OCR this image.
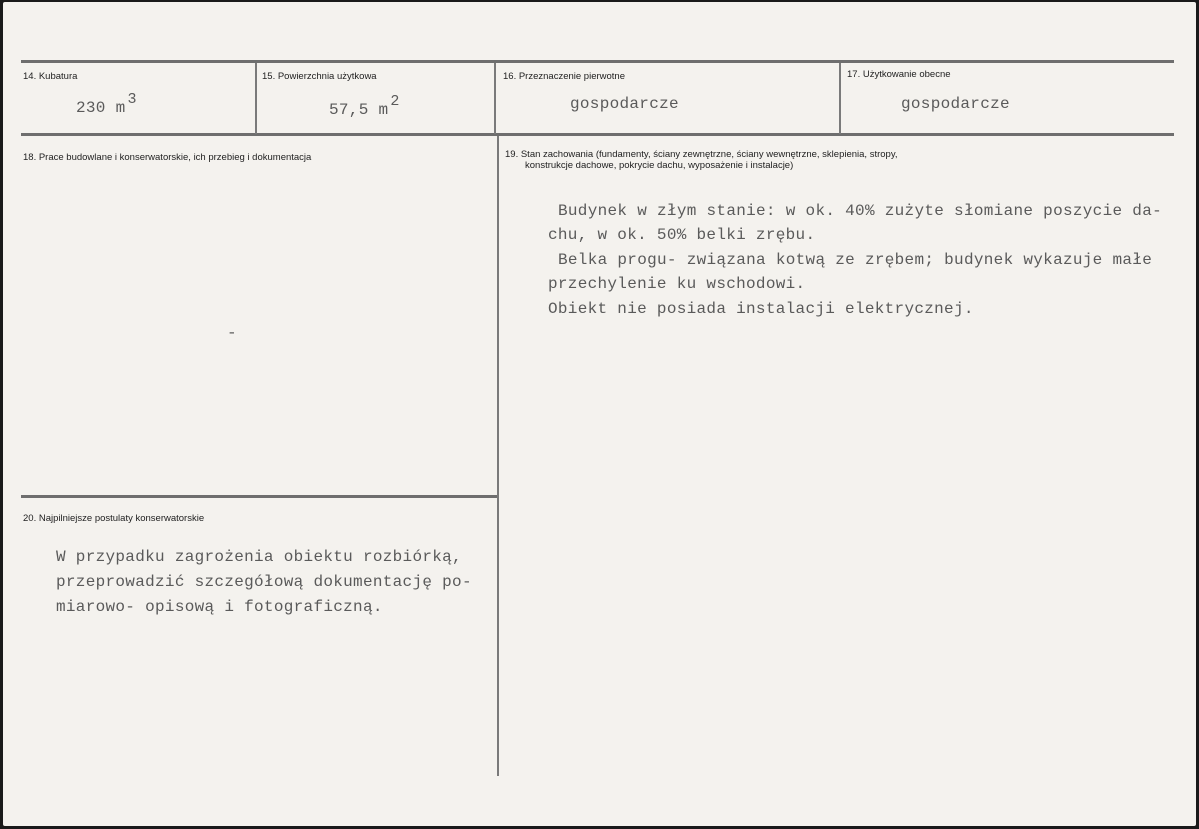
14. Kubatura
230 m 3
15. Powierzchnia użytkowa
57,5 m 2
16. Przeznaczenie pierwotne
gospodarcze
17. Użytkowanie obecne
gospodarcze
18. Prace budowlane i konserwatorskie, ich przebieg i dokumentacja
-
19. Stan zachowania (fundamenty, ściany zewnętrzne, ściany wewnętrzne, sklepienia, stropy,
konstrukcje dachowe, pokrycie dachu, wyposażenie i instalacje)
Budynek w złym stanie: w ok. 40% zużyte słomiane poszycie da-
chu, w ok. 50% belki zrębu.
Belka progu- związana kotwą ze zrębem; budynek wykazuje małe
przechylenie ku wschodowi.
Obiekt nie posiada instalacji elektrycznej.
20. Najpilniejsze postulaty konserwatorskie
W przypadku zagrożenia obiektu rozbiórką,
przeprowadzić szczegółową dokumentację po-
miarowo- opisową i fotograficzną.
